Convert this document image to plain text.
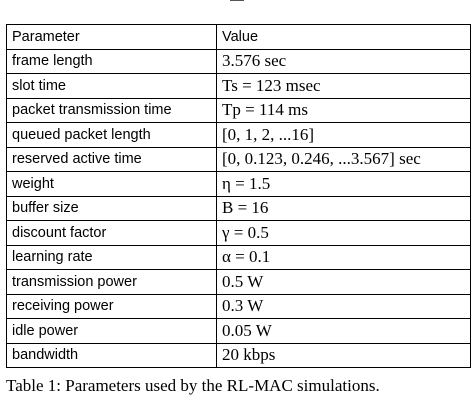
Parameter	Value
frame length	3.576 sec
slot time	Ts = 123 msec
packet transmission time	Tp = 114 ms
queued packet length	[0, 1, 2, ...16]
reserved active time	[0, 0.123, 0.246, ...3.567] sec
weight	η = 1.5
buffer size	B = 16
discount factor	γ = 0.5
learning rate	α = 0.1
transmission power	0.5 W
receiving power	0.3 W
idle power	0.05 W
bandwidth	20 kbps
Table 1: Parameters used by the RL-MAC simulations.
